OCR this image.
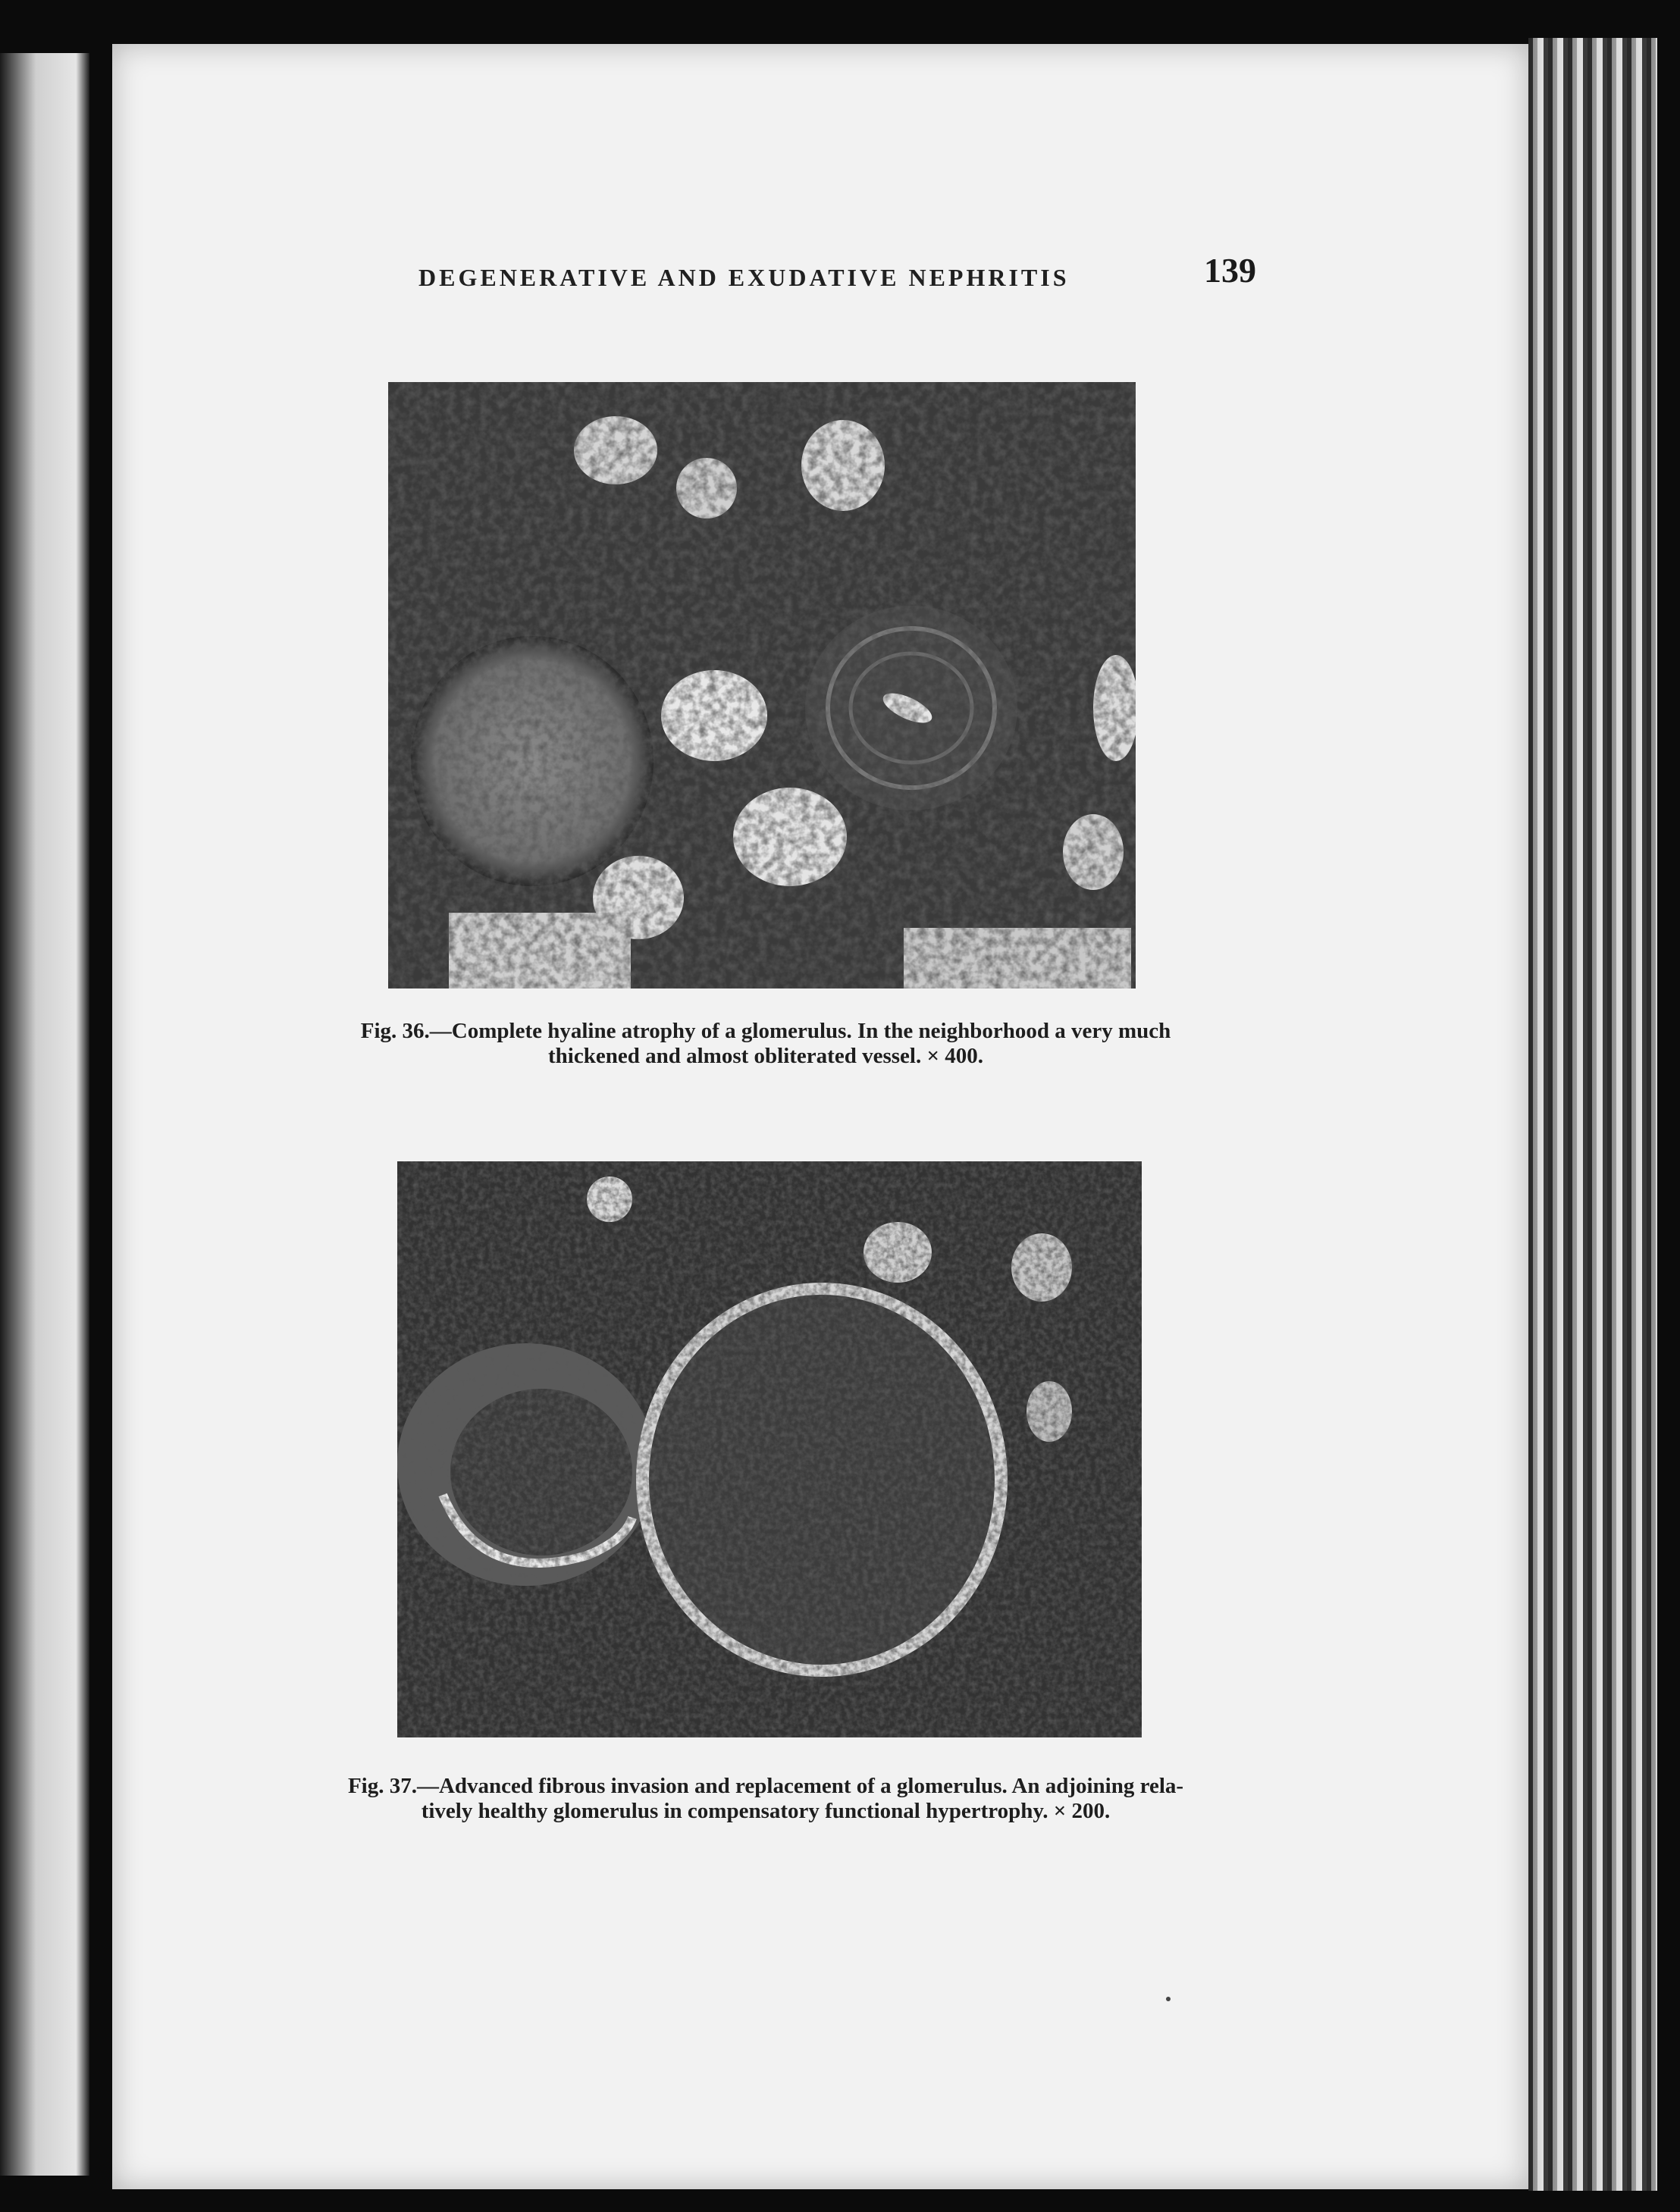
DEGENERATIVE AND EXUDATIVE NEPHRITIS	139
Fig. 36.—Complete hyaline atrophy of a glomerulus. In the neighborhood a very much
thickened and almost obliterated vessel. × 400.
Fig. 37.—Advanced fibrous invasion and replacement of a glomerulus. An adjoining rela-
tively healthy glomerulus in compensatory functional hypertrophy. × 200.
